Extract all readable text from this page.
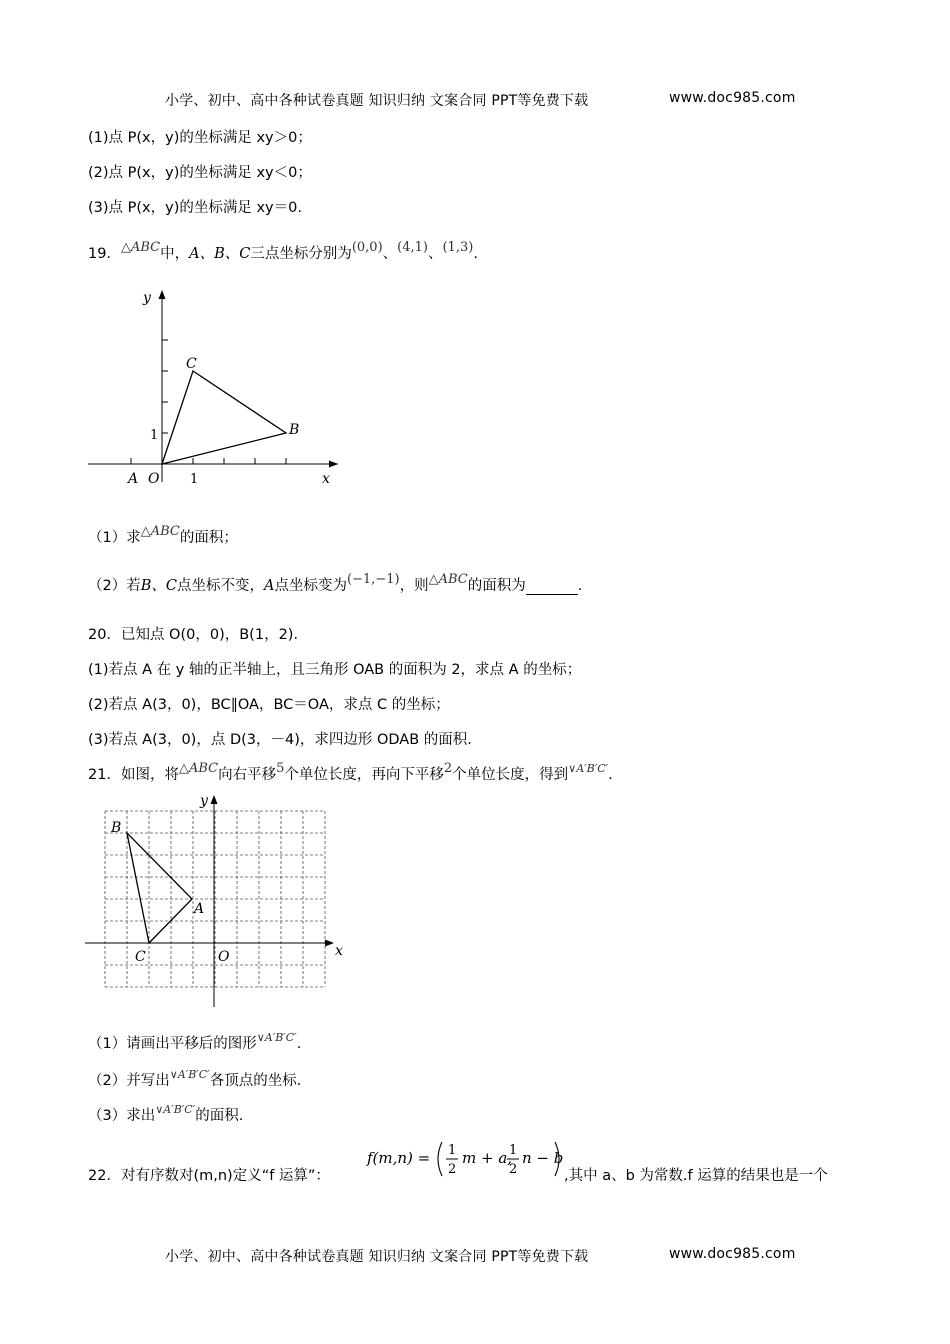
小学、初中、高中各种试卷真题 知识归纳 文案合同 PPT等免费下载	www.doc985.com
(1)点 P(x，y)的坐标满足 xy＞0；
(2)点 P(x，y)的坐标满足 xy＜0；
(3)点 P(x，y)的坐标满足 xy＝0.
19．△ABC中，A、B、C三点坐标分别为(0,0)、(4,1)、(1,3).
y
x
C
B
A O
1
1
（1）求△ABC的面积；
（2）若B、C点坐标不变，A点坐标变为(−1,−1)，则△ABC的面积为	.
20．已知点 O(0，0)，B(1，2)．
(1)若点 A 在 y 轴的正半轴上，且三角形 OAB 的面积为 2，求点 A 的坐标；
(2)若点 A(3，0)，BC∥OA，BC＝OA，求点 C 的坐标；
(3)若点 A(3，0)，点 D(3，－4)，求四边形 ODAB 的面积．
21．如图，将△ABC向右平移5个单位长度，再向下平移2个单位长度，得到$^{\vee A'B'C'}$.
y
x
B
A
C	O
（1）请画出平移后的图形$^{\vee A'B'C'}$.
（2）并写出$^{\vee A'B'C'}$各顶点的坐标.
（3）求出$^{\vee A'B'C'}$的面积.
22．对有序数对(m,n)定义“f 运算”：
f(m,n) = 1
2
m + a,
1
2
n − b
,其中 a、b 为常数.f 运算的结果也是一个
小学、初中、高中各种试卷真题 知识归纳 文案合同 PPT等免费下载	www.doc985.com
